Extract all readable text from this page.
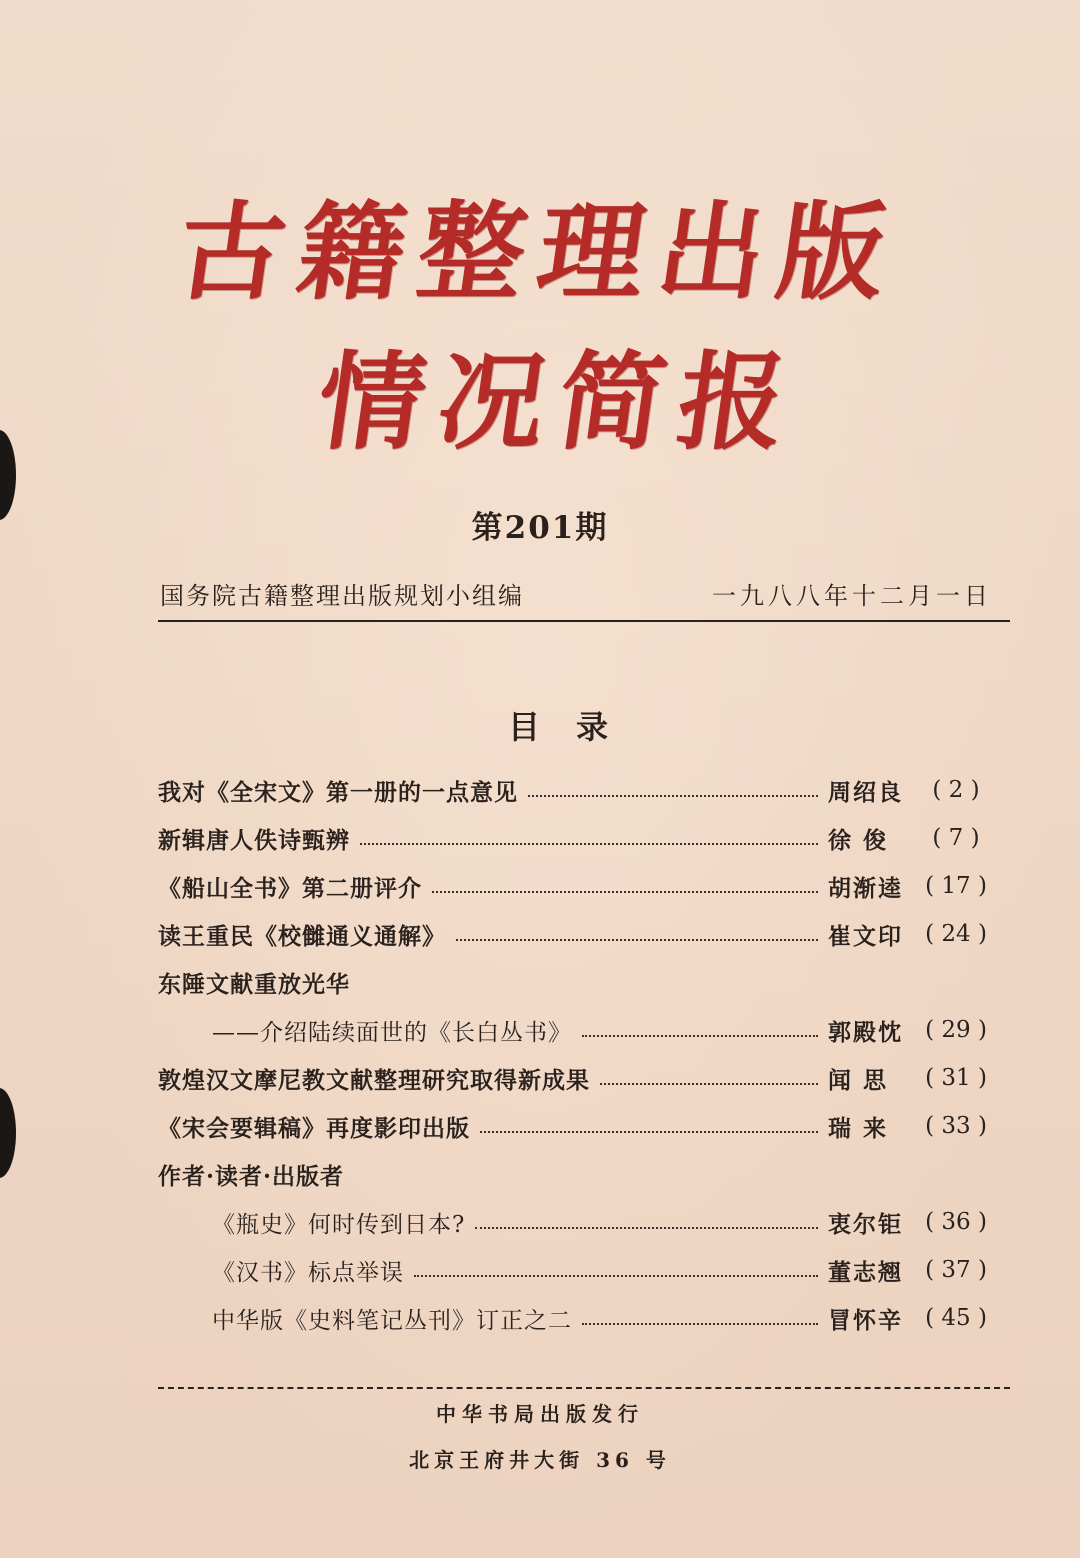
古籍整理出版
情况简报
第201期
国务院古籍整理出版规划小组编	一九八八年十二月一日
目录
我对《全宋文》第一册的一点意见	周绍良	( 2 )
新辑唐人佚诗甄辨	徐 俊	( 7 )
《船山全书》第二册评介	胡渐逵 ( 17 )
读王重民《校雠通义通解》	崔文印 ( 24 )
东陲文献重放光华
——介绍陆续面世的《长白丛书》	郭殿忱 ( 29 )
敦煌汉文摩尼教文献整理研究取得新成果	闻 思	( 31 )
《宋会要辑稿》再度影印出版	瑞 来	( 33 )
作者·读者·出版者
《瓶史》何时传到日本?	衷尔钜 ( 36 )
《汉书》标点举误	董志翘 ( 37 )
中华版《史料笔记丛刊》订正之二	冒怀辛 ( 45 )
中华书局出版发行
北京王府井大街 36 号
